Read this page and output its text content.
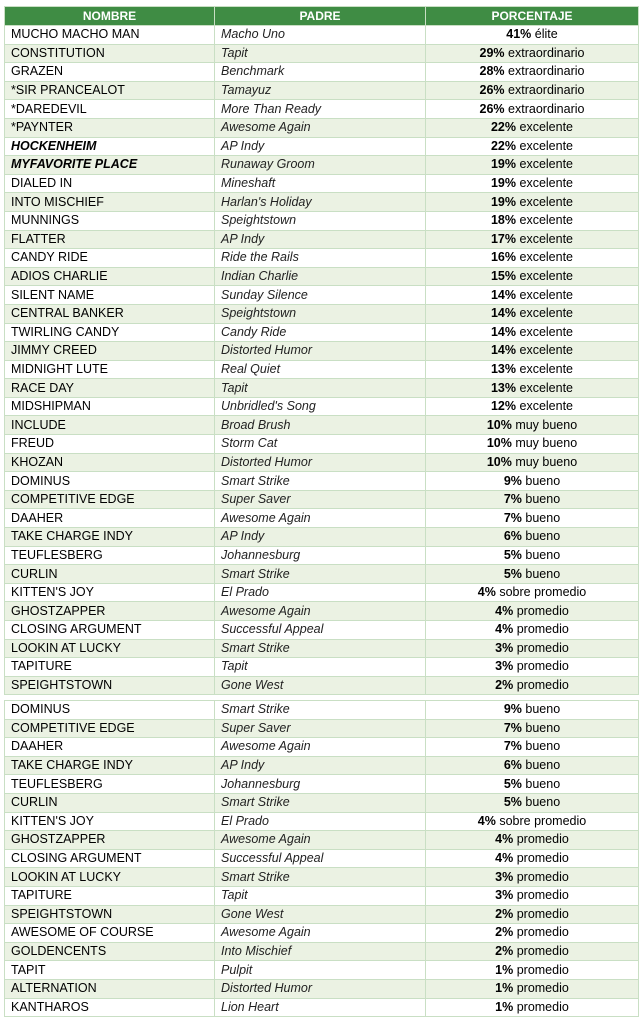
NOMBRE	PADRE	PORCENTAJE
MUCHO MACHO MAN	Macho Uno	41% élite
CONSTITUTION	Tapit	29% extraordinario
GRAZEN	Benchmark	28% extraordinario
*SIR PRANCEALOT	Tamayuz	26% extraordinario
*DAREDEVIL	More Than Ready	26% extraordinario
*PAYNTER	Awesome Again	22% excelente
HOCKENHEIM	AP Indy	22% excelente
MYFAVORITE PLACE	Runaway Groom	19% excelente
DIALED IN	Mineshaft	19% excelente
INTO MISCHIEF	Harlan's Holiday	19% excelente
MUNNINGS	Speightstown	18% excelente
FLATTER	AP Indy	17% excelente
CANDY RIDE	Ride the Rails	16% excelente
ADIOS CHARLIE	Indian Charlie	15% excelente
SILENT NAME	Sunday Silence	14% excelente
CENTRAL BANKER	Speightstown	14% excelente
TWIRLING CANDY	Candy Ride	14% excelente
JIMMY CREED	Distorted Humor	14% excelente
MIDNIGHT LUTE	Real Quiet	13% excelente
RACE DAY	Tapit	13% excelente
MIDSHIPMAN	Unbridled's Song	12% excelente
INCLUDE	Broad Brush	10% muy bueno
FREUD	Storm Cat	10% muy bueno
KHOZAN	Distorted Humor	10% muy bueno
DOMINUS	Smart Strike	9% bueno
COMPETITIVE EDGE	Super Saver	7% bueno
DAAHER	Awesome Again	7% bueno
TAKE CHARGE INDY	AP Indy	6% bueno
TEUFLESBERG	Johannesburg	5% bueno
CURLIN	Smart Strike	5% bueno
KITTEN'S JOY	El Prado	4% sobre promedio
GHOSTZAPPER	Awesome Again	4% promedio
CLOSING ARGUMENT	Successful Appeal	4% promedio
LOOKIN AT LUCKY	Smart Strike	3% promedio
TAPITURE	Tapit	3% promedio
SPEIGHTSTOWN	Gone West	2% promedio
DOMINUS	Smart Strike	9% bueno
COMPETITIVE EDGE	Super Saver	7% bueno
DAAHER	Awesome Again	7% bueno
TAKE CHARGE INDY	AP Indy	6% bueno
TEUFLESBERG	Johannesburg	5% bueno
CURLIN	Smart Strike	5% bueno
KITTEN'S JOY	El Prado	4% sobre promedio
GHOSTZAPPER	Awesome Again	4% promedio
CLOSING ARGUMENT	Successful Appeal	4% promedio
LOOKIN AT LUCKY	Smart Strike	3% promedio
TAPITURE	Tapit	3% promedio
SPEIGHTSTOWN	Gone West	2% promedio
AWESOME OF COURSE	Awesome Again	2% promedio
GOLDENCENTS	Into Mischief	2% promedio
TAPIT	Pulpit	1% promedio
ALTERNATION	Distorted Humor	1% promedio
KANTHAROS	Lion Heart	1% promedio
